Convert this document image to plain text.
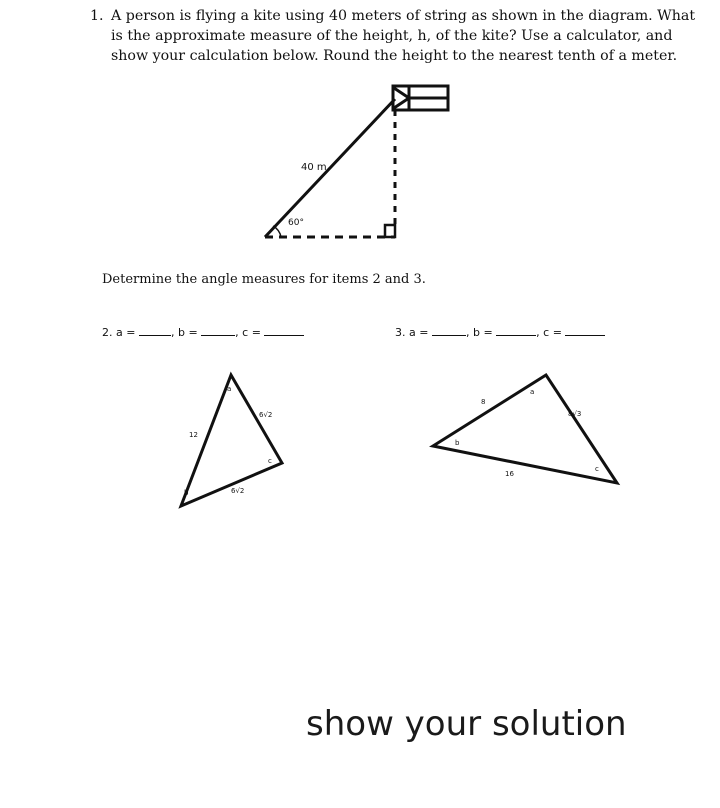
1. A person is flying a kite using 40 meters of string as shown in the diagram. What
is the approximate measure of the height, h, of the kite? Use a calculator, and
show your calculation below. Round the height to the nearest tenth of a meter.
40 m
60°
a
b
c
12
6√2
6√2
a
b
c
8
8√3
16
Determine the angle measures for items 2 and 3.
2. a =	, b =	, c =	3. a =	, b =	, c =
show your solution
